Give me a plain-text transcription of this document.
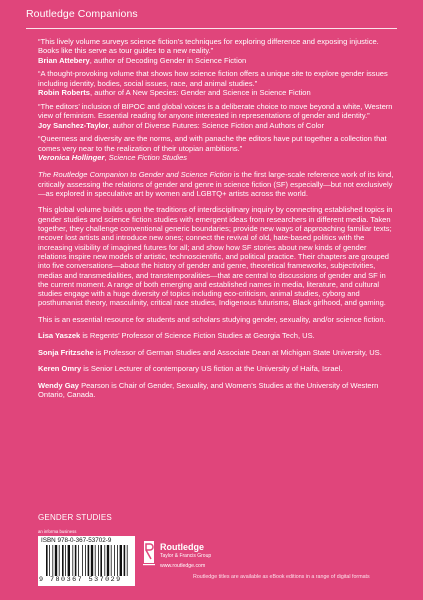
Routledge Companions
“This lively volume surveys science fiction’s techniques for exploring difference and exposing injustice. Books like this serve as tour guides to a new reality.”
Brian Attebery, author of Decoding Gender in Science Fiction
“A thought-provoking volume that shows how science fiction offers a unique site to explore gender issues including identity, bodies, social issues, race, and animal studies.”
Robin Roberts, author of A New Species: Gender and Science in Science Fiction
“The editors’ inclusion of BIPOC and global voices is a deliberate choice to move beyond a white, Western view of feminism. Essential reading for anyone interested in representations of gender and identity.”
Joy Sanchez-Taylor, author of Diverse Futures: Science Fiction and Authors of Color
“Queerness and diversity are the norms, and with panache the editors have put together a collection that comes very near to the realization of their utopian ambitions.”
Veronica Hollinger, Science Fiction Studies

The Routledge Companion to Gender and Science Fiction is the first large-scale reference work of its kind, critically assessing the relations of gender and genre in science fiction (SF) especially—but not exclusively—as explored in speculative art by women and LGBTQ+ artists across the world.

This global volume builds upon the traditions of interdisciplinary inquiry by connecting established topics in gender studies and science fiction studies with emergent ideas from researchers in different media. Taken together, they challenge conventional generic boundaries; provide new ways of approaching familiar texts; recover lost artists and introduce new ones; connect the revival of old, hate-based politics with the increasing visibility of imagined futures for all; and show how SF stories about new kinds of gender relations inspire new models of artistic, technoscientific, and political practice. Their chapters are grouped into five conversations—about the history of gender and genre, theoretical frameworks, subjectivities, medias and transmedialities, and transtemporalities—that are central to discussions of gender and SF in the current moment. A range of both emerging and established names in media, literature, and cultural studies engage with a huge diversity of topics including eco-criticism, animal studies, cyborg and posthumanist theory, masculinity, critical race studies, Indigenous futurisms, Black girlhood, and gaming.

This is an essential resource for students and scholars studying gender, sexuality, and/or science fiction.

Lisa Yaszek is Regents’ Professor of Science Fiction Studies at Georgia Tech, US.

Sonja Fritzsche is Professor of German Studies and Associate Dean at Michigan State University, US.

Keren Omry is Senior Lecturer of contemporary US fiction at the University of Haifa, Israel.

Wendy Gay Pearson is Chair of Gender, Sexuality, and Women’s Studies at the University of Western Ontario, Canada.

GENDER STUDIES
an informa business
ISBN 978-0-367-53702-9
9 780367 537029
Routledge
Taylor & Francis Group
www.routledge.com
Routledge titles are available as eBook editions in a range of digital formats
